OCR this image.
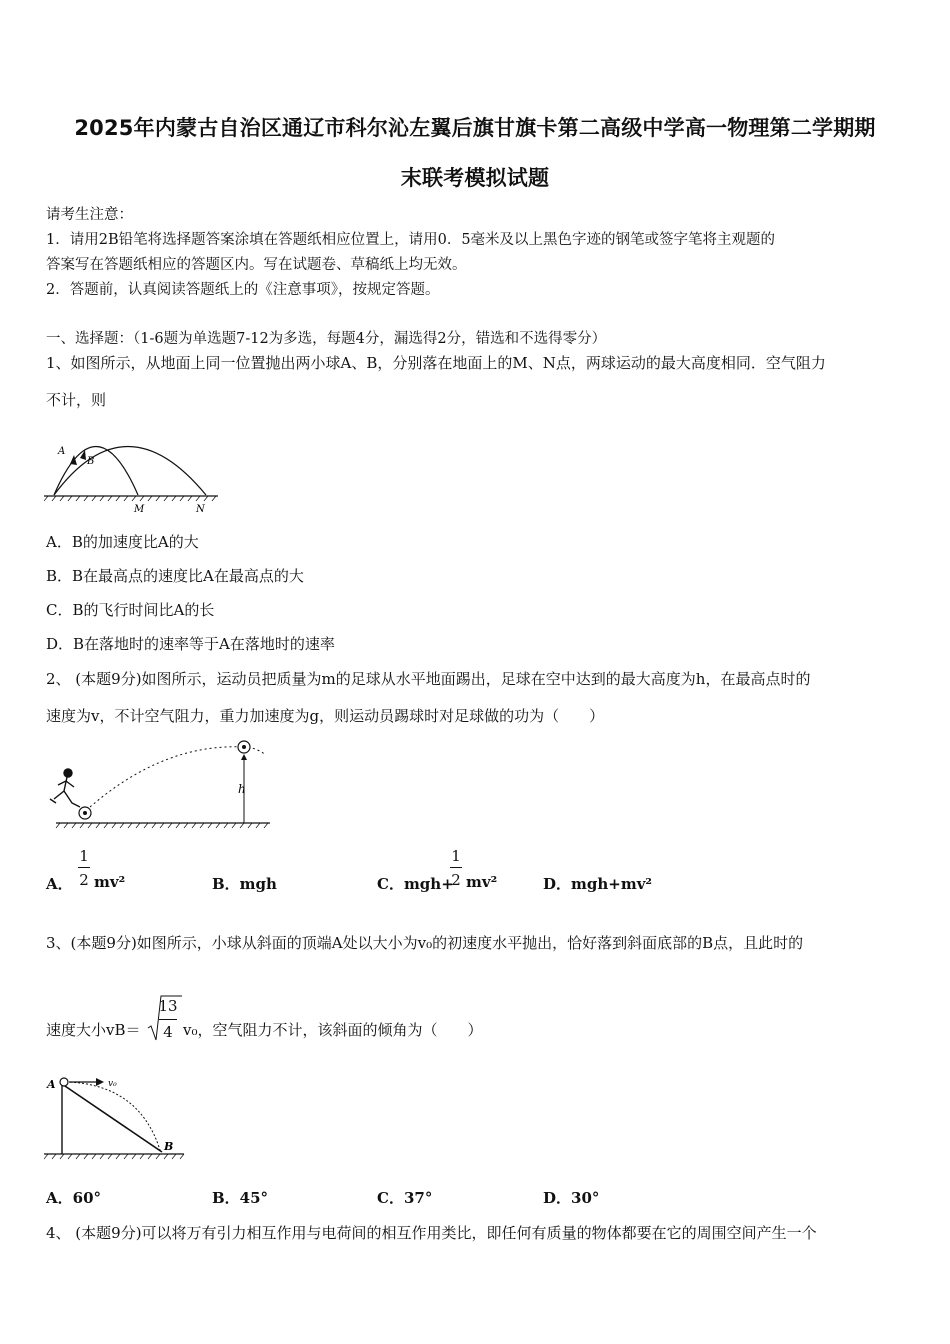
2025年内蒙古自治区通辽市科尔沁左翼后旗甘旗卡第二高级中学高一物理第二学期期
末联考模拟试题
请考生注意：
1．请用2B铅笔将选择题答案涂填在答题纸相应位置上，请用0．5毫米及以上黑色字迹的钢笔或签字笔将主观题的
答案写在答题纸相应的答题区内。写在试题卷、草稿纸上均无效。
2．答题前，认真阅读答题纸上的《注意事项》，按规定答题。
一、选择题：（1-6题为单选题7-12为多选，每题4分，漏选得2分，错选和不选得零分）
1、如图所示，从地面上同一位置抛出两小球A、B，分别落在地面上的M、N点，两球运动的最大高度相同．空气阻力
不计，则
A
B
M	N
A．B的加速度比A的大
B．B在最高点的速度比A在最高点的大
C．B的飞行时间比A的长
D．B在落地时的速率等于A在落地时的速率
2、 (本题9分)如图所示，运动员把质量为m的足球从水平地面踢出，足球在空中达到的最大高度为h，在最高点时的
速度为v，不计空气阻力，重力加速度为g，则运动员踢球时对足球做的功为（　　）
h
A．
1
2 mv²	B．mgh	C．mgh+
1
2 mv²	D．mgh+mv²
3、(本题9分)如图所示，小球从斜面的顶端A处以大小为v₀的初速度水平抛出，恰好落到斜面底部的B点，且此时的
速度大小vB＝
13
4 v₀，空气阻力不计，该斜面的倾角为（　　）
A	v₀
B
A．60°	B．45°	C．37°	D．30°
4、 (本题9分)可以将万有引力相互作用与电荷间的相互作用类比，即任何有质量的物体都要在它的周围空间产生一个
